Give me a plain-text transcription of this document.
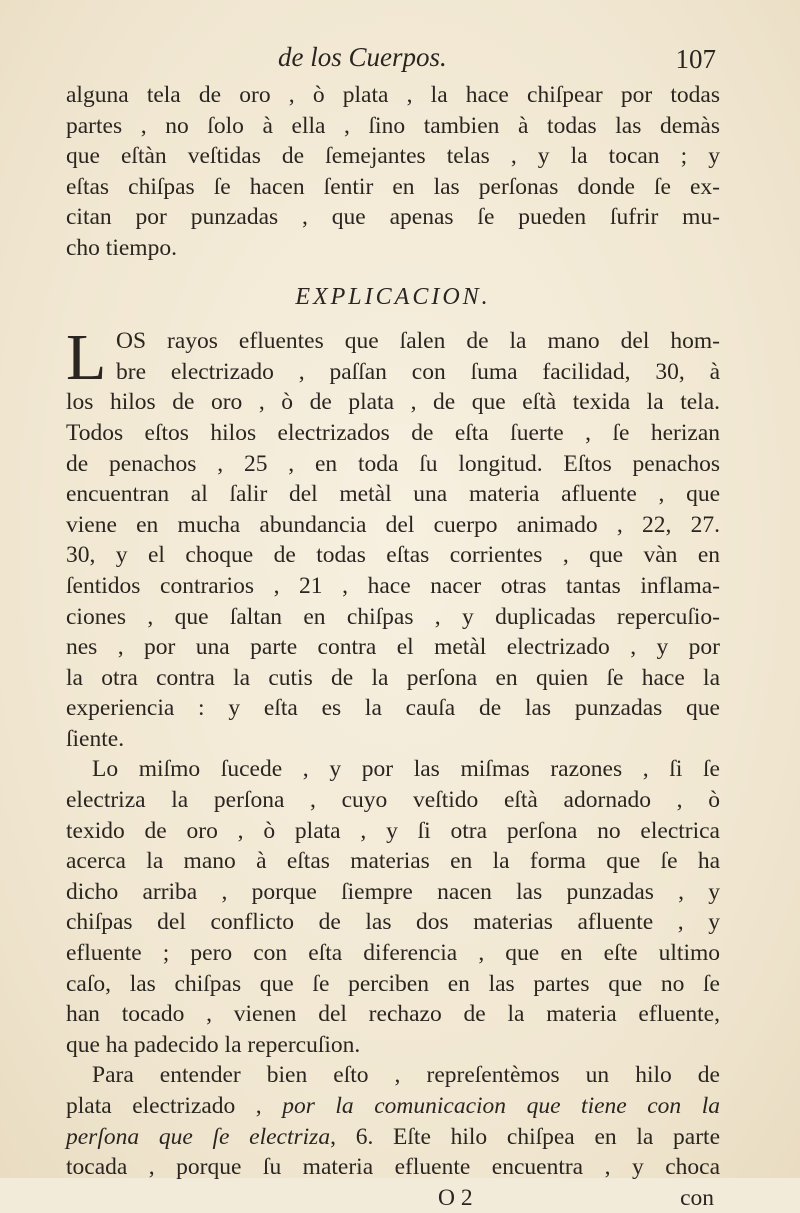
de los Cuerpos.	107
alguna tela de oro , ò plata , la hace chiſpear por todas
partes , no ſolo à ella , ſino tambien à todas las demàs
que eſtàn veſtidas de ſemejantes telas , y la tocan ; y
eſtas chiſpas ſe hacen ſentir en las perſonas donde ſe ex-
citan por punzadas , que apenas ſe pueden ſufrir mu-
cho tiempo.
EXPLICACION.
L OS rayos efluentes que ſalen de la mano del hom-
bre electrizado , paſſan con ſuma facilidad, 30, à
los hilos de oro , ò de plata , de que eſtà texida la tela.
Todos eſtos hilos electrizados de eſta ſuerte , ſe herizan
de penachos , 25 , en toda ſu longitud. Eſtos penachos
encuentran al ſalir del metàl una materia afluente , que
viene en mucha abundancia del cuerpo animado , 22, 27.
30, y el choque de todas eſtas corrientes , que vàn en
ſentidos contrarios , 21 , hace nacer otras tantas inflama-
ciones , que ſaltan en chiſpas , y duplicadas repercuſio-
nes , por una parte contra el metàl electrizado , y por
la otra contra la cutis de la perſona en quien ſe hace la
experiencia : y eſta es la cauſa de las punzadas que
ſiente.
Lo miſmo ſucede , y por las miſmas razones , ſi ſe
electriza la perſona , cuyo veſtido eſtà adornado , ò
texido de oro , ò plata , y ſi otra perſona no electrica
acerca la mano à eſtas materias en la forma que ſe ha
dicho arriba , porque ſiempre nacen las punzadas , y
chiſpas del conflicto de las dos materias afluente , y
efluente ; pero con eſta diferencia , que en eſte ultimo
caſo, las chiſpas que ſe perciben en las partes que no ſe
han tocado , vienen del rechazo de la materia efluente,
que ha padecido la repercuſion.
Para entender bien eſto , repreſentèmos un hilo de
plata electrizado , por la comunicacion que tiene con la
perſona que ſe electriza, 6. Eſte hilo chiſpea en la parte
tocada , porque ſu materia efluente encuentra , y choca
O 2	con
